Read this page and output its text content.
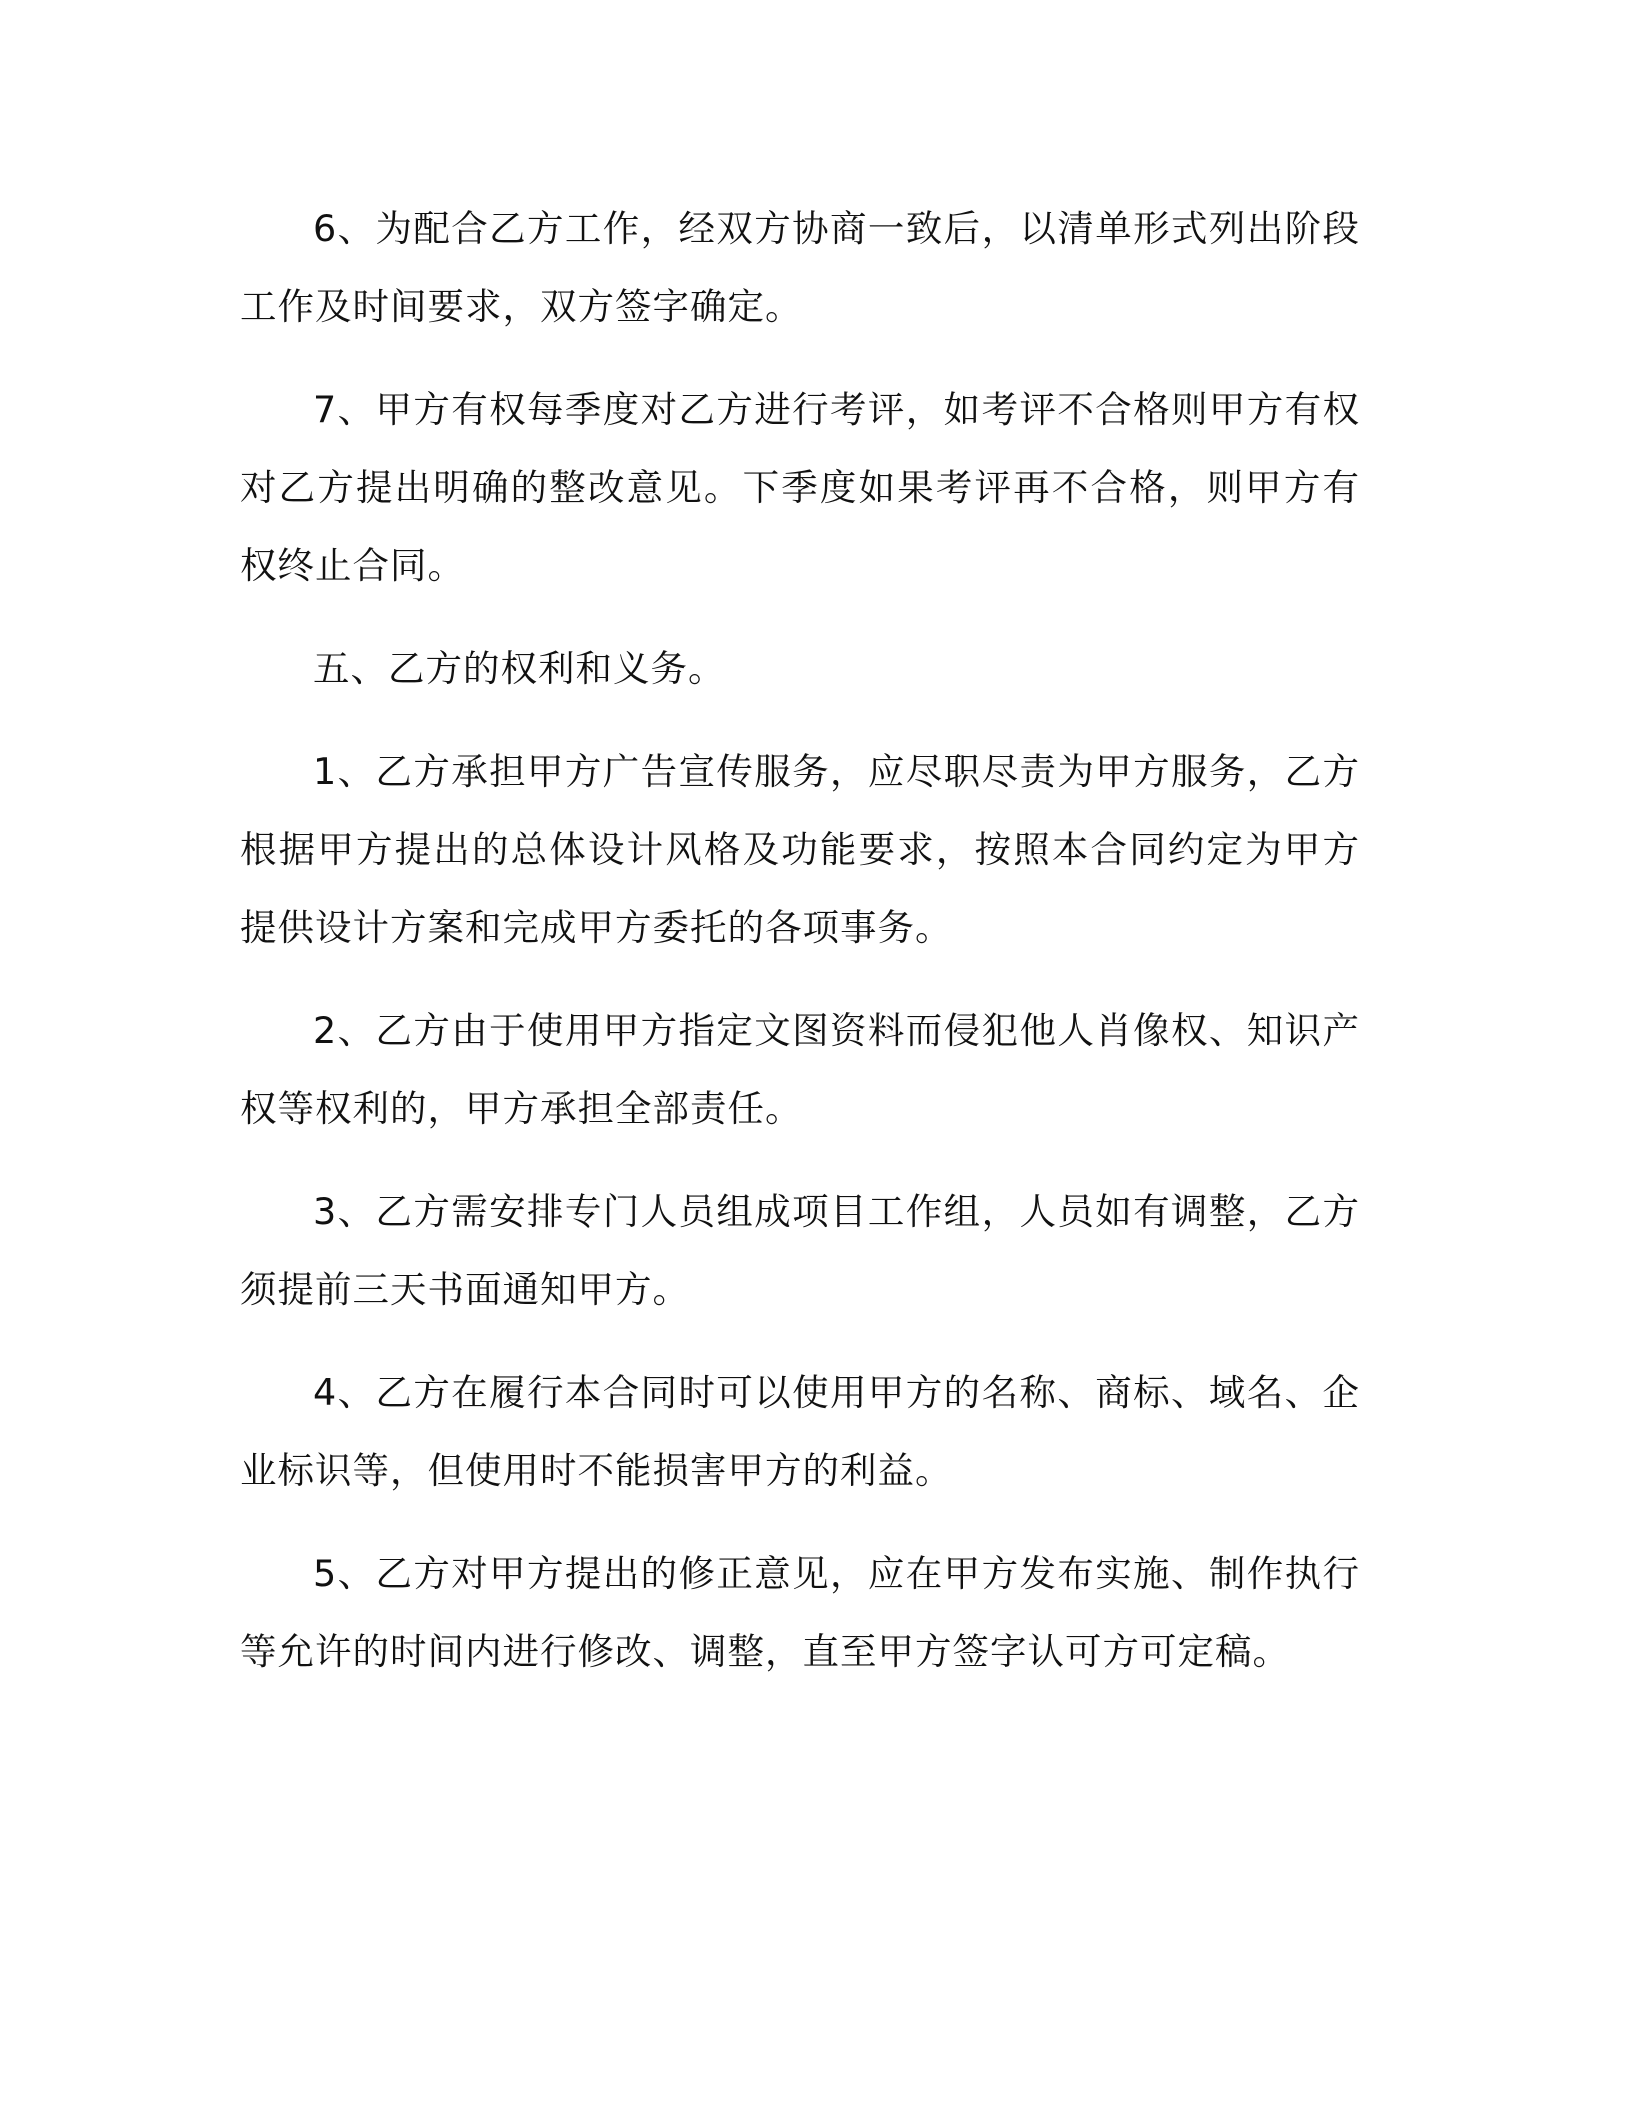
6、为配合乙方工作，经双方协商一致后，以清单形式列出阶段工作及时间要求，双方签字确定。

7、甲方有权每季度对乙方进行考评，如考评不合格则甲方有权对乙方提出明确的整改意见。下季度如果考评再不合格，则甲方有权终止合同。

五、乙方的权利和义务。

1、乙方承担甲方广告宣传服务，应尽职尽责为甲方服务，乙方根据甲方提出的总体设计风格及功能要求，按照本合同约定为甲方提供设计方案和完成甲方委托的各项事务。

2、乙方由于使用甲方指定文图资料而侵犯他人肖像权、知识产权等权利的，甲方承担全部责任。

3、乙方需安排专门人员组成项目工作组，人员如有调整，乙方须提前三天书面通知甲方。

4、乙方在履行本合同时可以使用甲方的名称、商标、域名、企业标识等，但使用时不能损害甲方的利益。

5、乙方对甲方提出的修正意见，应在甲方发布实施、制作执行等允许的时间内进行修改、调整，直至甲方签字认可方可定稿。
